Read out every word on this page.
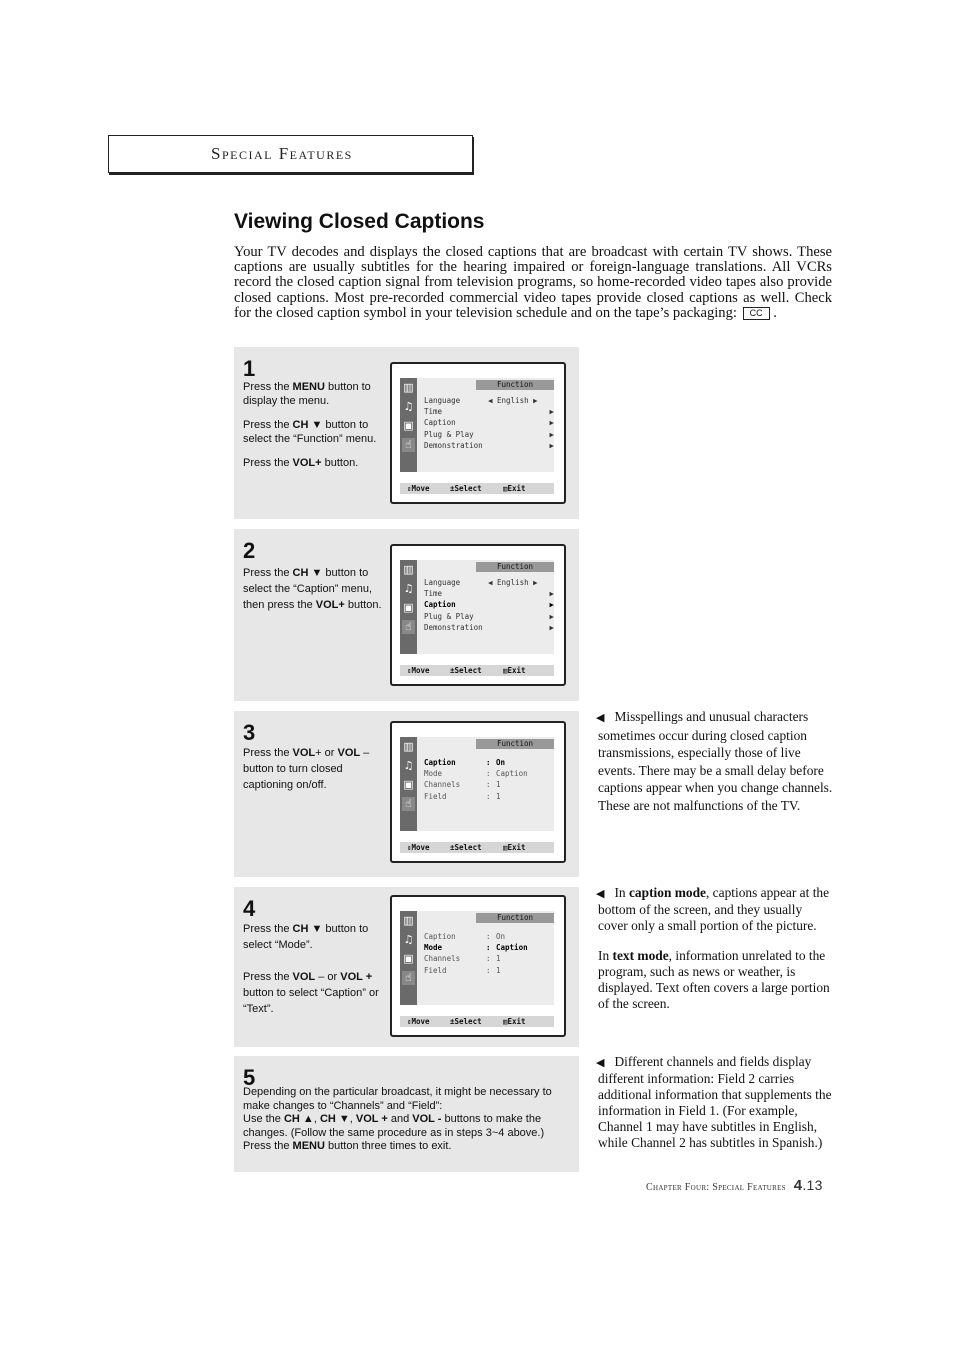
Special Features
Viewing Closed Captions
Your TV decodes and displays the closed captions that are broadcast with certain TV shows. These captions are usually subtitles for the hearing impaired or foreign-language translations. All VCRs record the closed caption signal from television programs, so home-recorded video tapes also provide closed captions. Most pre-recorded commercial video tapes provide closed captions as well. Check for the closed caption symbol in your television schedule and on the tape’s packaging: CC .
1

Press the MENU button to display the menu.

Press the CH ▼ button to select the “Function” menu.

Press the VOL+ button.

▥
♫
▣
☝
Function
Language	◀ English ▶
Time	▶
Caption	▶
Plug & Play	▶
Demonstration	▶
⇕ Move	± Select	▥ Exit
2

Press the CH ▼ button to select the “Caption” menu, then press the VOL+ button.

▥
♫
▣
☝
Function
Language	◀ English ▶
Time	▶
Caption	▶
Plug & Play	▶
Demonstration	▶
⇕ Move	± Select	▥ Exit
3

Press the VOL+ or VOL – button to turn closed captioning on/off.

▥
♫
▣
☝
Function
Caption	: On
Mode	: Caption
Channels	: 1
Field	: 1
⇕ Move	± Select	▥ Exit
4

Press the CH ▼ button to select “Mode”.

Press the VOL – or VOL + button to select “Caption” or “Text”.

▥
♫
▣
☝
Function
Caption	: On
Mode	: Caption
Channels	: 1
Field	: 1
⇕ Move	± Select	▥ Exit
5
Depending on the particular broadcast, it might be necessary to make changes to “Channels” and “Field”:
Use the CH ▲, CH ▼, VOL + and VOL - buttons to make the changes. (Follow the same procedure as in steps 3~4 above.)
Press the MENU button three times to exit.

◀ Misspellings and unusual characters sometimes occur during closed caption transmissions, especially those of live events. There may be a small delay before captions appear when you change channels. These are not malfunctions of the TV.

◀ In caption mode, captions appear at the bottom of the screen, and they usually cover only a small portion of the picture.

In text mode, information unrelated to the program, such as news or weather, is displayed. Text often covers a large portion of the screen.

◀ Different channels and fields display different information: Field 2 carries additional information that supplements the information in Field 1. (For example, Channel 1 may have subtitles in English, while Channel 2 has subtitles in Spanish.)

Chapter Four: Special Features 4.13
